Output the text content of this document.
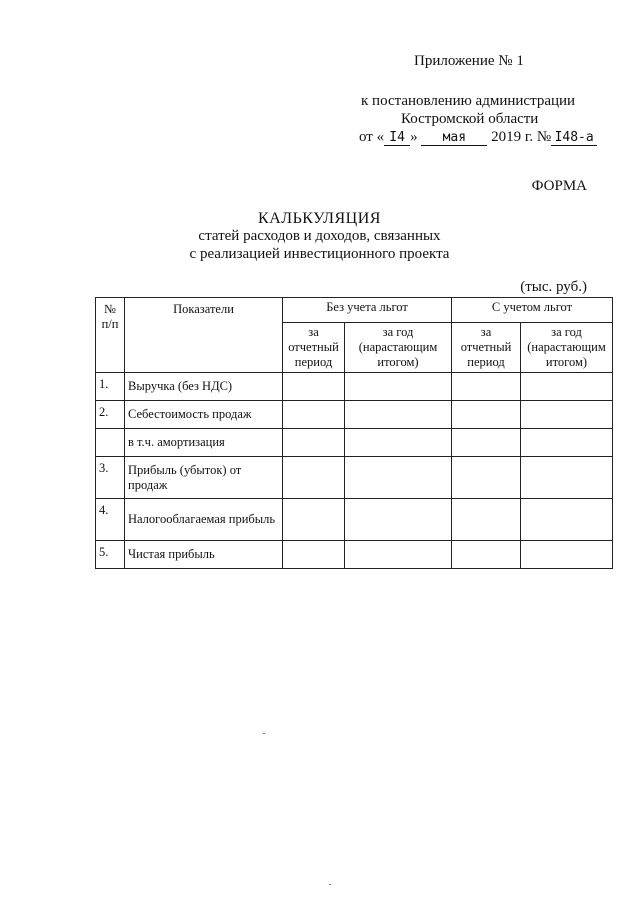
Приложение № 1
к постановлению администрации
Костромской области
от « I4 » мая 2019 г. № I48-а
ФОРМА
КАЛЬКУЛЯЦИЯ
статей расходов и доходов, связанных
с реализацией инвестиционного проекта
(тыс. руб.)
№ п/п	Показатели	Без учета льгот		С учетом льгот	
		за отчетный период	за год (нарастающим итогом)	за отчетный период	за год (нарастающим итогом)
1.	Выручка (без НДС)				
2.	Себестоимость продаж				
	в т.ч. амортизация				
3.	Прибыль (убыток) от продаж				
4.	Налогооблагаемая прибыль				
5.	Чистая прибыль				
